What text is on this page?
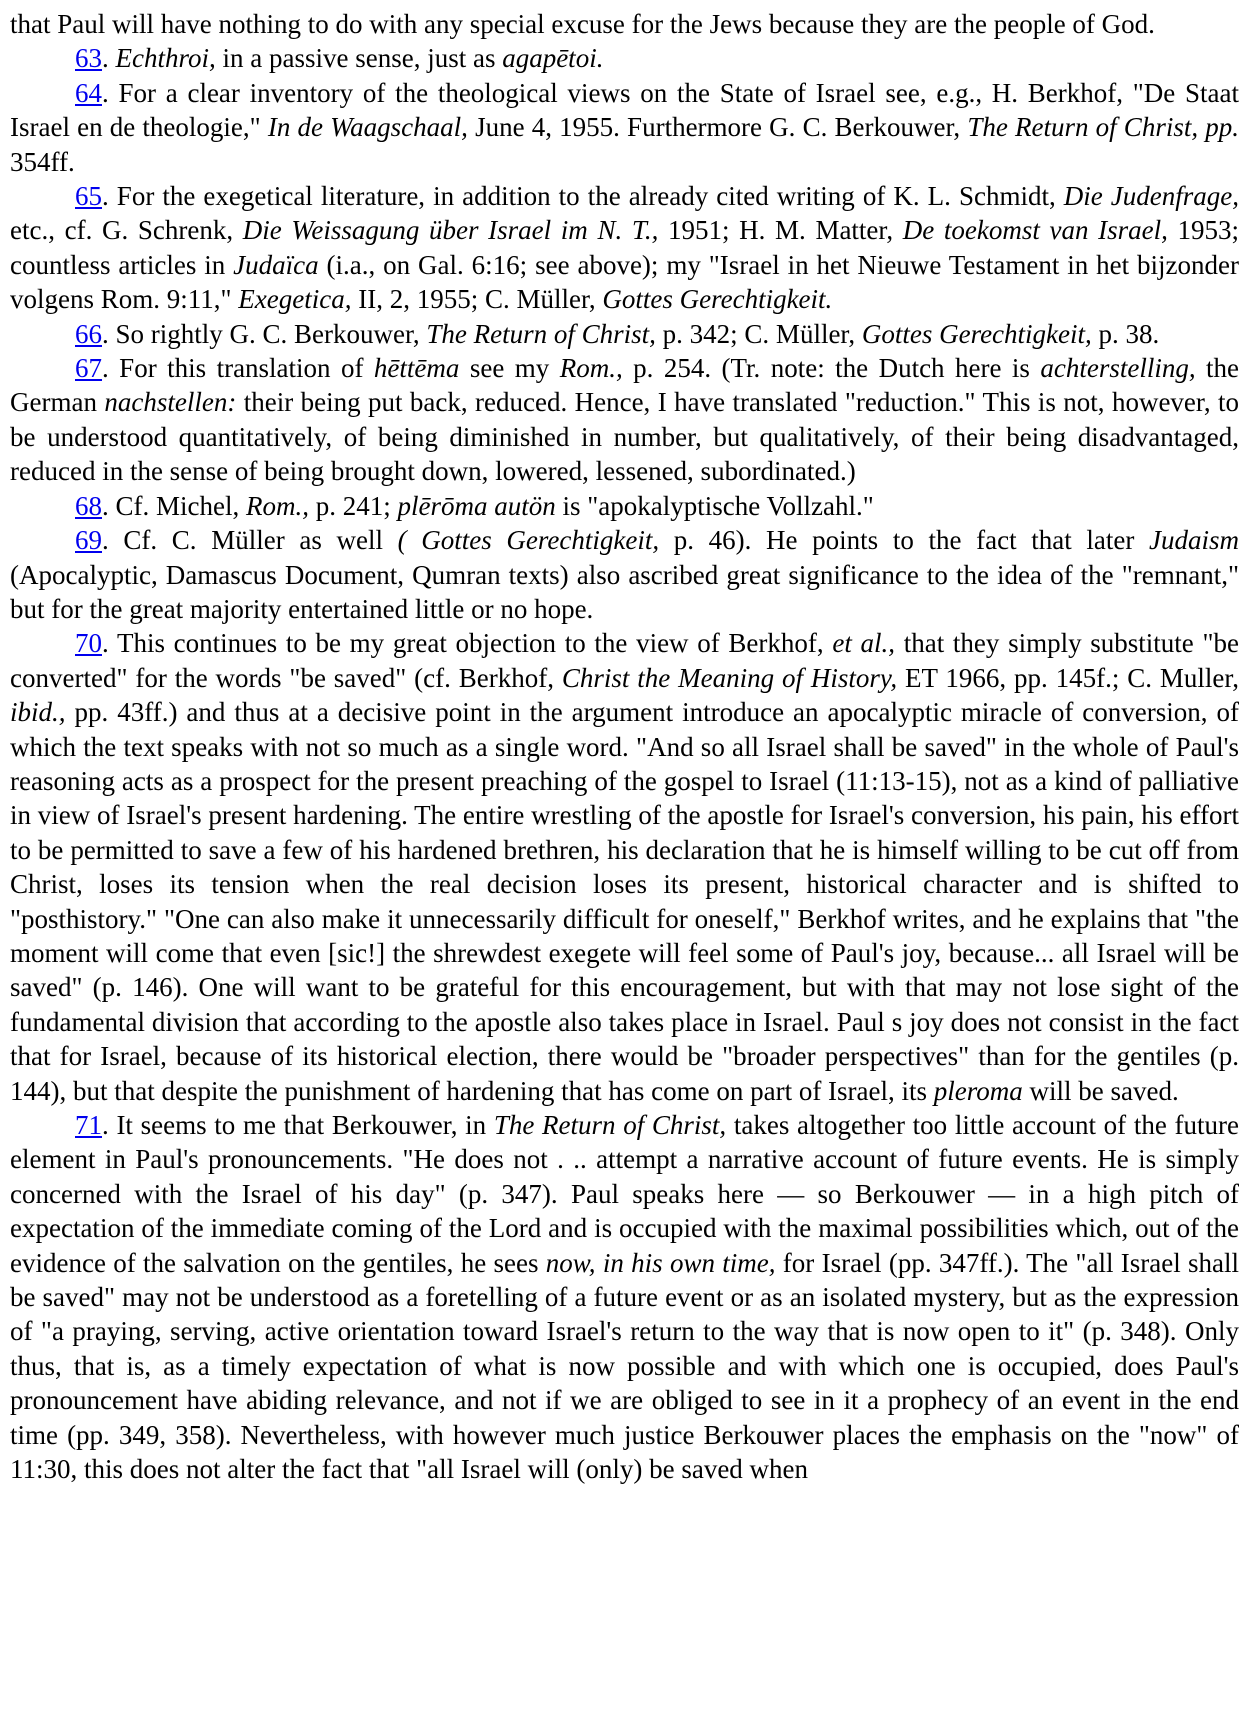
that Paul will have nothing to do with any special excuse for the Jews because they are the people of God.

63. Echthroi, in a passive sense, just as agapētoi.

64. For a clear inventory of the theological views on the State of Israel see, e.g., H. Berkhof, "De Staat Israel en de theologie," In de Waagschaal, June 4, 1955. Furthermore G. C. Berkouwer, The Return of Christ, pp. 354ff.

65. For the exegetical literature, in addition to the already cited writing of K. L. Schmidt, Die Judenfrage, etc., cf. G. Schrenk, Die Weissagung über Israel im N. T., 1951; H. M. Matter, De toekomst van Israel, 1953; countless articles in Judaïca (i.a., on Gal. 6:16; see above); my "Israel in het Nieuwe Testament in het bijzonder volgens Rom. 9:11," Exegetica, II, 2, 1955; C. Müller, Gottes Gerechtigkeit.

66. So rightly G. C. Berkouwer, The Return of Christ, p. 342; C. Müller, Gottes Gerechtigkeit, p. 38.

67. For this translation of hēttēma see my Rom., p. 254. (Tr. note: the Dutch here is achterstelling, the German nachstellen: their being put back, reduced. Hence, I have translated "reduction." This is not, however, to be understood quantitatively, of being diminished in number, but qualitatively, of their being disadvantaged, reduced in the sense of being brought down, lowered, lessened, subordinated.)

68. Cf. Michel, Rom., p. 241; plērōma autön is "apokalyptische Vollzahl."

69. Cf. C. Müller as well ( Gottes Gerechtigkeit, p. 46). He points to the fact that later Judaism (Apocalyptic, Damascus Document, Qumran texts) also ascribed great significance to the idea of the "remnant," but for the great majority entertained little or no hope.

70. This continues to be my great objection to the view of Berkhof, et al., that they simply substitute "be converted" for the words "be saved" (cf. Berkhof, Christ the Meaning of History, ET 1966, pp. 145f.; C. Muller, ibid., pp. 43ff.) and thus at a decisive point in the argument introduce an apocalyptic miracle of conversion, of which the text speaks with not so much as a single word. "And so all Israel shall be saved" in the whole of Paul's reasoning acts as a prospect for the present preaching of the gospel to Israel (11:13-15), not as a kind of palliative in view of Israel's present hardening. The entire wrestling of the apostle for Israel's conversion, his pain, his effort to be permitted to save a few of his hardened brethren, his declaration that he is himself willing to be cut off from Christ, loses its tension when the real decision loses its present, historical character and is shifted to "posthistory." "One can also make it unnecessarily difficult for oneself," Berkhof writes, and he explains that "the moment will come that even [sic!] the shrewdest exegete will feel some of Paul's joy, because... all Israel will be saved" (p. 146). One will want to be grateful for this encouragement, but with that may not lose sight of the fundamental division that according to the apostle also takes place in Israel. Paul s joy does not consist in the fact that for Israel, because of its historical election, there would be "broader perspectives" than for the gentiles (p. 144), but that despite the punishment of hardening that has come on part of Israel, its pleroma will be saved.

71. It seems to me that Berkouwer, in The Return of Christ, takes altogether too little account of the future element in Paul's pronouncements. "He does not . .. attempt a narrative account of future events. He is simply concerned with the Israel of his day" (p. 347). Paul speaks here — so Berkouwer — in a high pitch of expectation of the immediate coming of the Lord and is occupied with the maximal possibilities which, out of the evidence of the salvation on the gentiles, he sees now, in his own time, for Israel (pp. 347ff.). The "all Israel shall be saved" may not be understood as a foretelling of a future event or as an isolated mystery, but as the expression of "a praying, serving, active orientation toward Israel's return to the way that is now open to it" (p. 348). Only thus, that is, as a timely expectation of what is now possible and with which one is occupied, does Paul's pronouncement have abiding relevance, and not if we are obliged to see in it a prophecy of an event in the end time (pp. 349, 358). Nevertheless, with however much justice Berkouwer places the emphasis on the "now" of 11:30, this does not alter the fact that "all Israel will (only) be saved when
